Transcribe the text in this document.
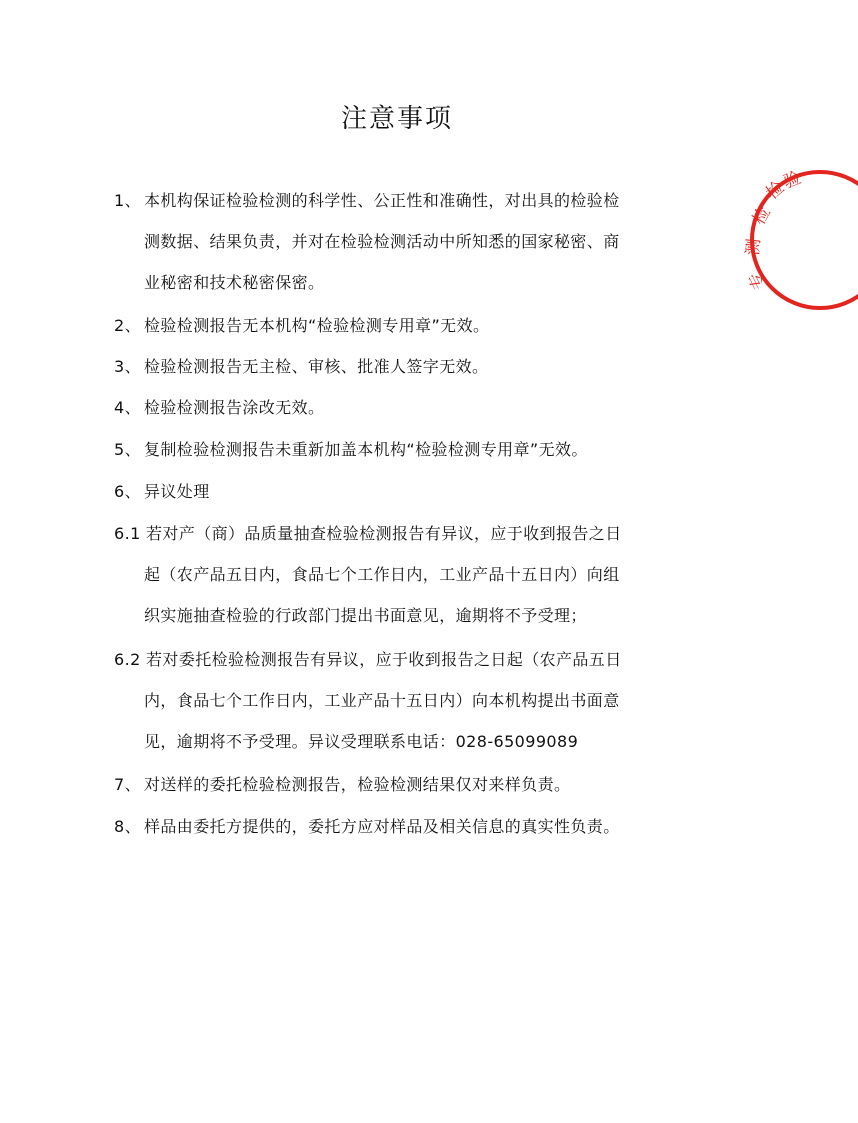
注意事项
1、 本机构保证检验检测的科学性、公正性和准确性，对出具的检验检
测数据、结果负责，并对在检验检测活动中所知悉的国家秘密、商
业秘密和技术秘密保密。
2、 检验检测报告无本机构“检验检测专用章”无效。
3、 检验检测报告无主检、审核、批准人签字无效。
4、 检验检测报告涂改无效。
5、 复制检验检测报告未重新加盖本机构“检验检测专用章”无效。
6、 异议处理
6.1 若对产（商）品质量抽查检验检测报告有异议，应于收到报告之日
起（农产品五日内，食品七个工作日内，工业产品十五日内）向组
织实施抽查检验的行政部门提出书面意见，逾期将不予受理；
6.2 若对委托检验检测报告有异议，应于收到报告之日起（农产品五日
内，食品七个工作日内，工业产品十五日内）向本机构提出书面意
见，逾期将不予受理。异议受理联系电话：028-65099089
7、 对送样的委托检验检测报告，检验检测结果仅对来样负责。
8、 样品由委托方提供的，委托方应对样品及相关信息的真实性负责。
检
验
检
测
专
